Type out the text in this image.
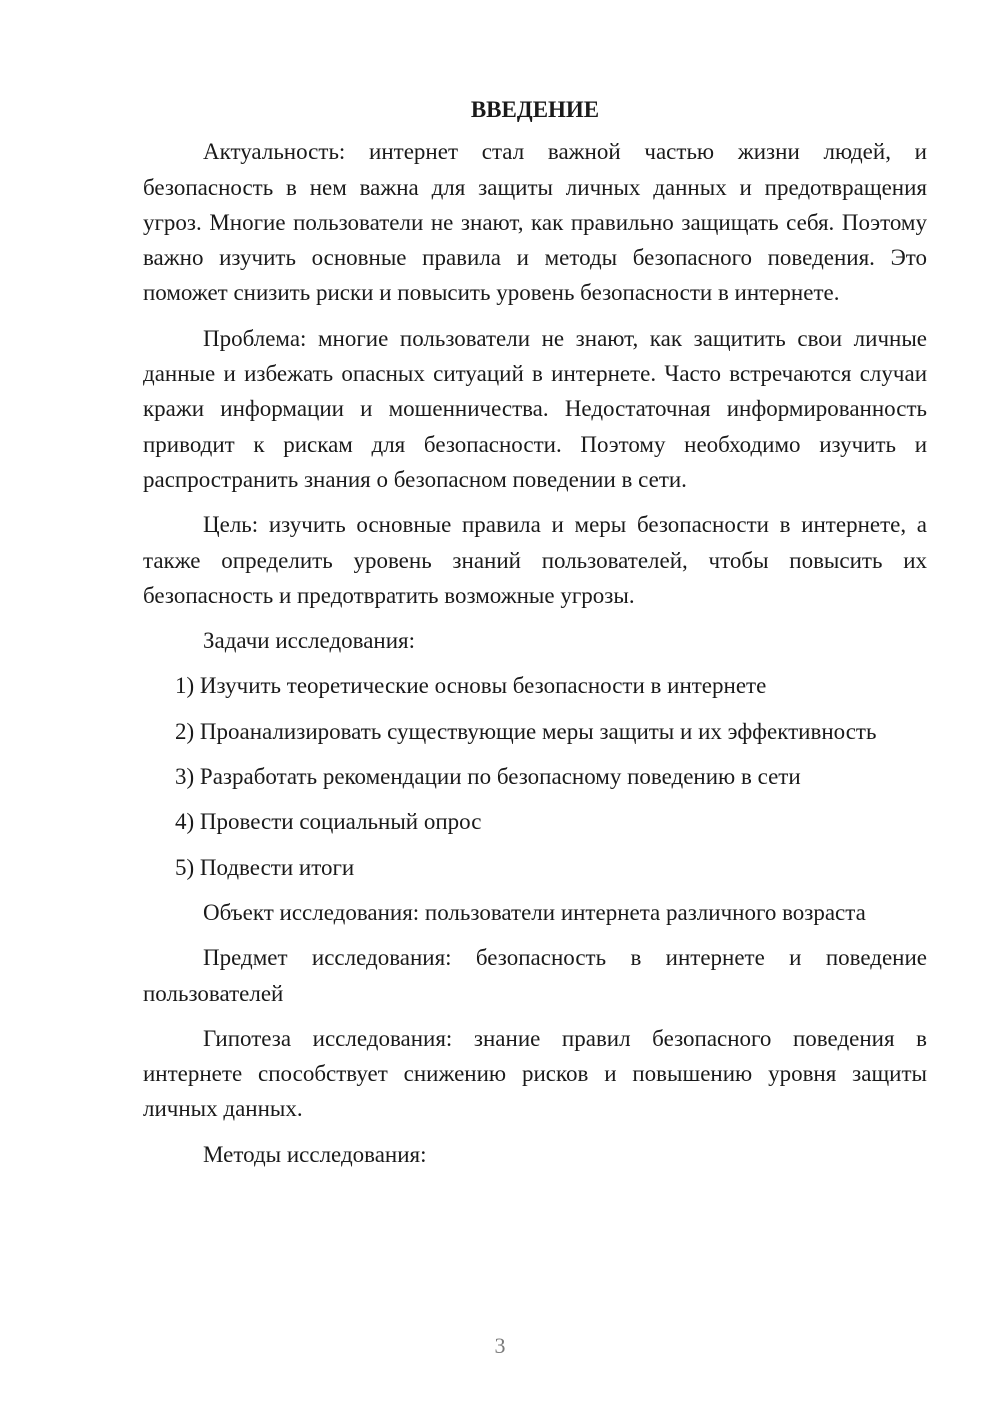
ВВЕДЕНИЕ

Актуальность: интернет стал важной частью жизни людей, и безопасность в нем важна для защиты личных данных и предотвращения угроз. Многие пользователи не знают, как правильно защищать себя. Поэтому важно изучить основные правила и методы безопасного поведения. Это поможет снизить риски и повысить уровень безопасности в интернете.

Проблема: многие пользователи не знают, как защитить свои личные данные и избежать опасных ситуаций в интернете. Часто встречаются случаи кражи информации и мошенничества. Недостаточная информированность приводит к рискам для безопасности. Поэтому необходимо изучить и распространить знания о безопасном поведении в сети.

Цель: изучить основные правила и меры безопасности в интернете, а также определить уровень знаний пользователей, чтобы повысить их безопасность и предотвратить возможные угрозы.

Задачи исследования:

1) Изучить теоретические основы безопасности в интернете

2) Проанализировать существующие меры защиты и их эффективность

3) Разработать рекомендации по безопасному поведению в сети

4) Провести социальный опрос

5) Подвести итоги

Объект исследования: пользователи интернета различного возраста

Предмет исследования: безопасность в интернете и поведение пользователей

Гипотеза исследования: знание правил безопасного поведения в интернете способствует снижению рисков и повышению уровня защиты личных данных.

Методы исследования:

3
